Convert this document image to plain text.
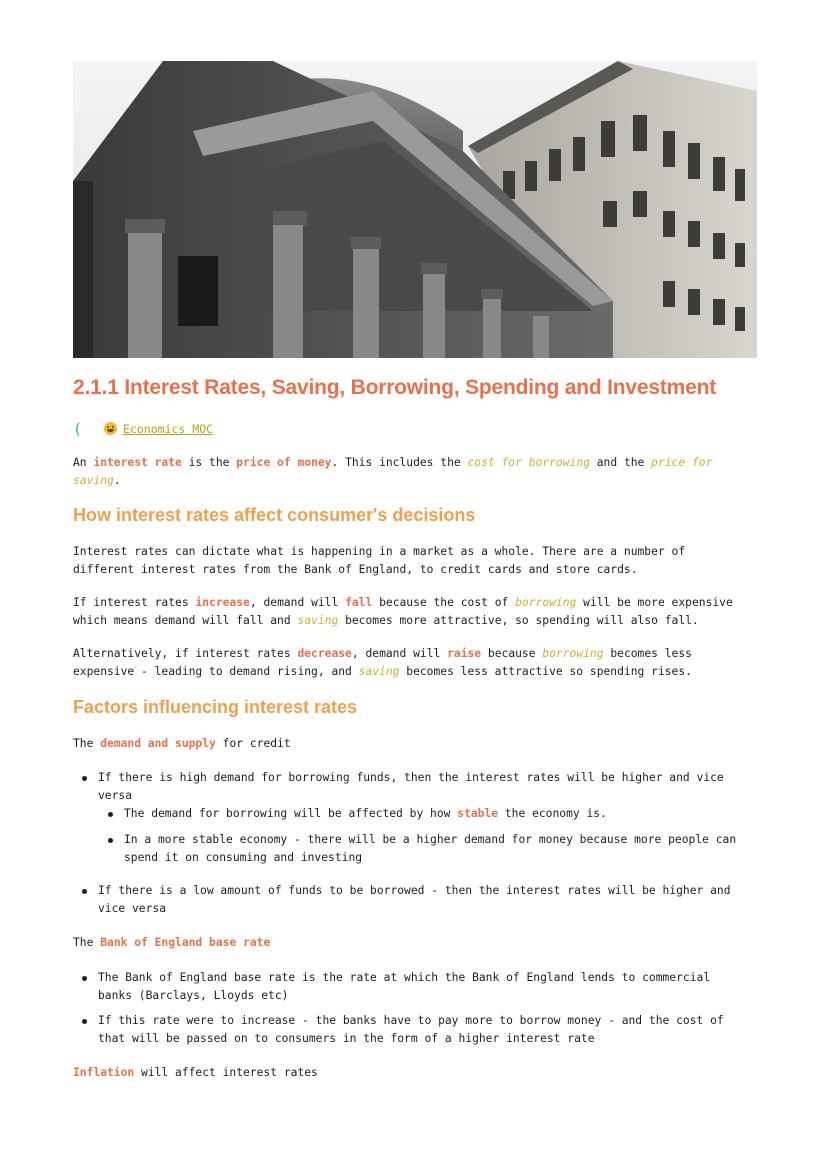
2.1.1 Interest Rates, Saving, Borrowing, Spending and Investment
(	Economics MOC
An interest rate is the price of money. This includes the cost for borrowing and the price for
saving.
How interest rates affect consumer's decisions
Interest rates can dictate what is happening in a market as a whole. There are a number of
different interest rates from the Bank of England, to credit cards and store cards.
If interest rates increase, demand will fall because the cost of borrowing will be more expensive
which means demand will fall and saving becomes more attractive, so spending will also fall.
Alternatively, if interest rates decrease, demand will raise because borrowing becomes less
expensive - leading to demand rising, and saving becomes less attractive so spending rises.
Factors influencing interest rates
The demand and supply for credit
If there is high demand for borrowing funds, then the interest rates will be higher and vice
versa
The demand for borrowing will be affected by how stable the economy is.
In a more stable economy - there will be a higher demand for money because more people can
spend it on consuming and investing
If there is a low amount of funds to be borrowed - then the interest rates will be higher and
vice versa
The Bank of England base rate
The Bank of England base rate is the rate at which the Bank of England lends to commercial
banks (Barclays, Lloyds etc)
If this rate were to increase - the banks have to pay more to borrow money - and the cost of
that will be passed on to consumers in the form of a higher interest rate
Inflation will affect interest rates
